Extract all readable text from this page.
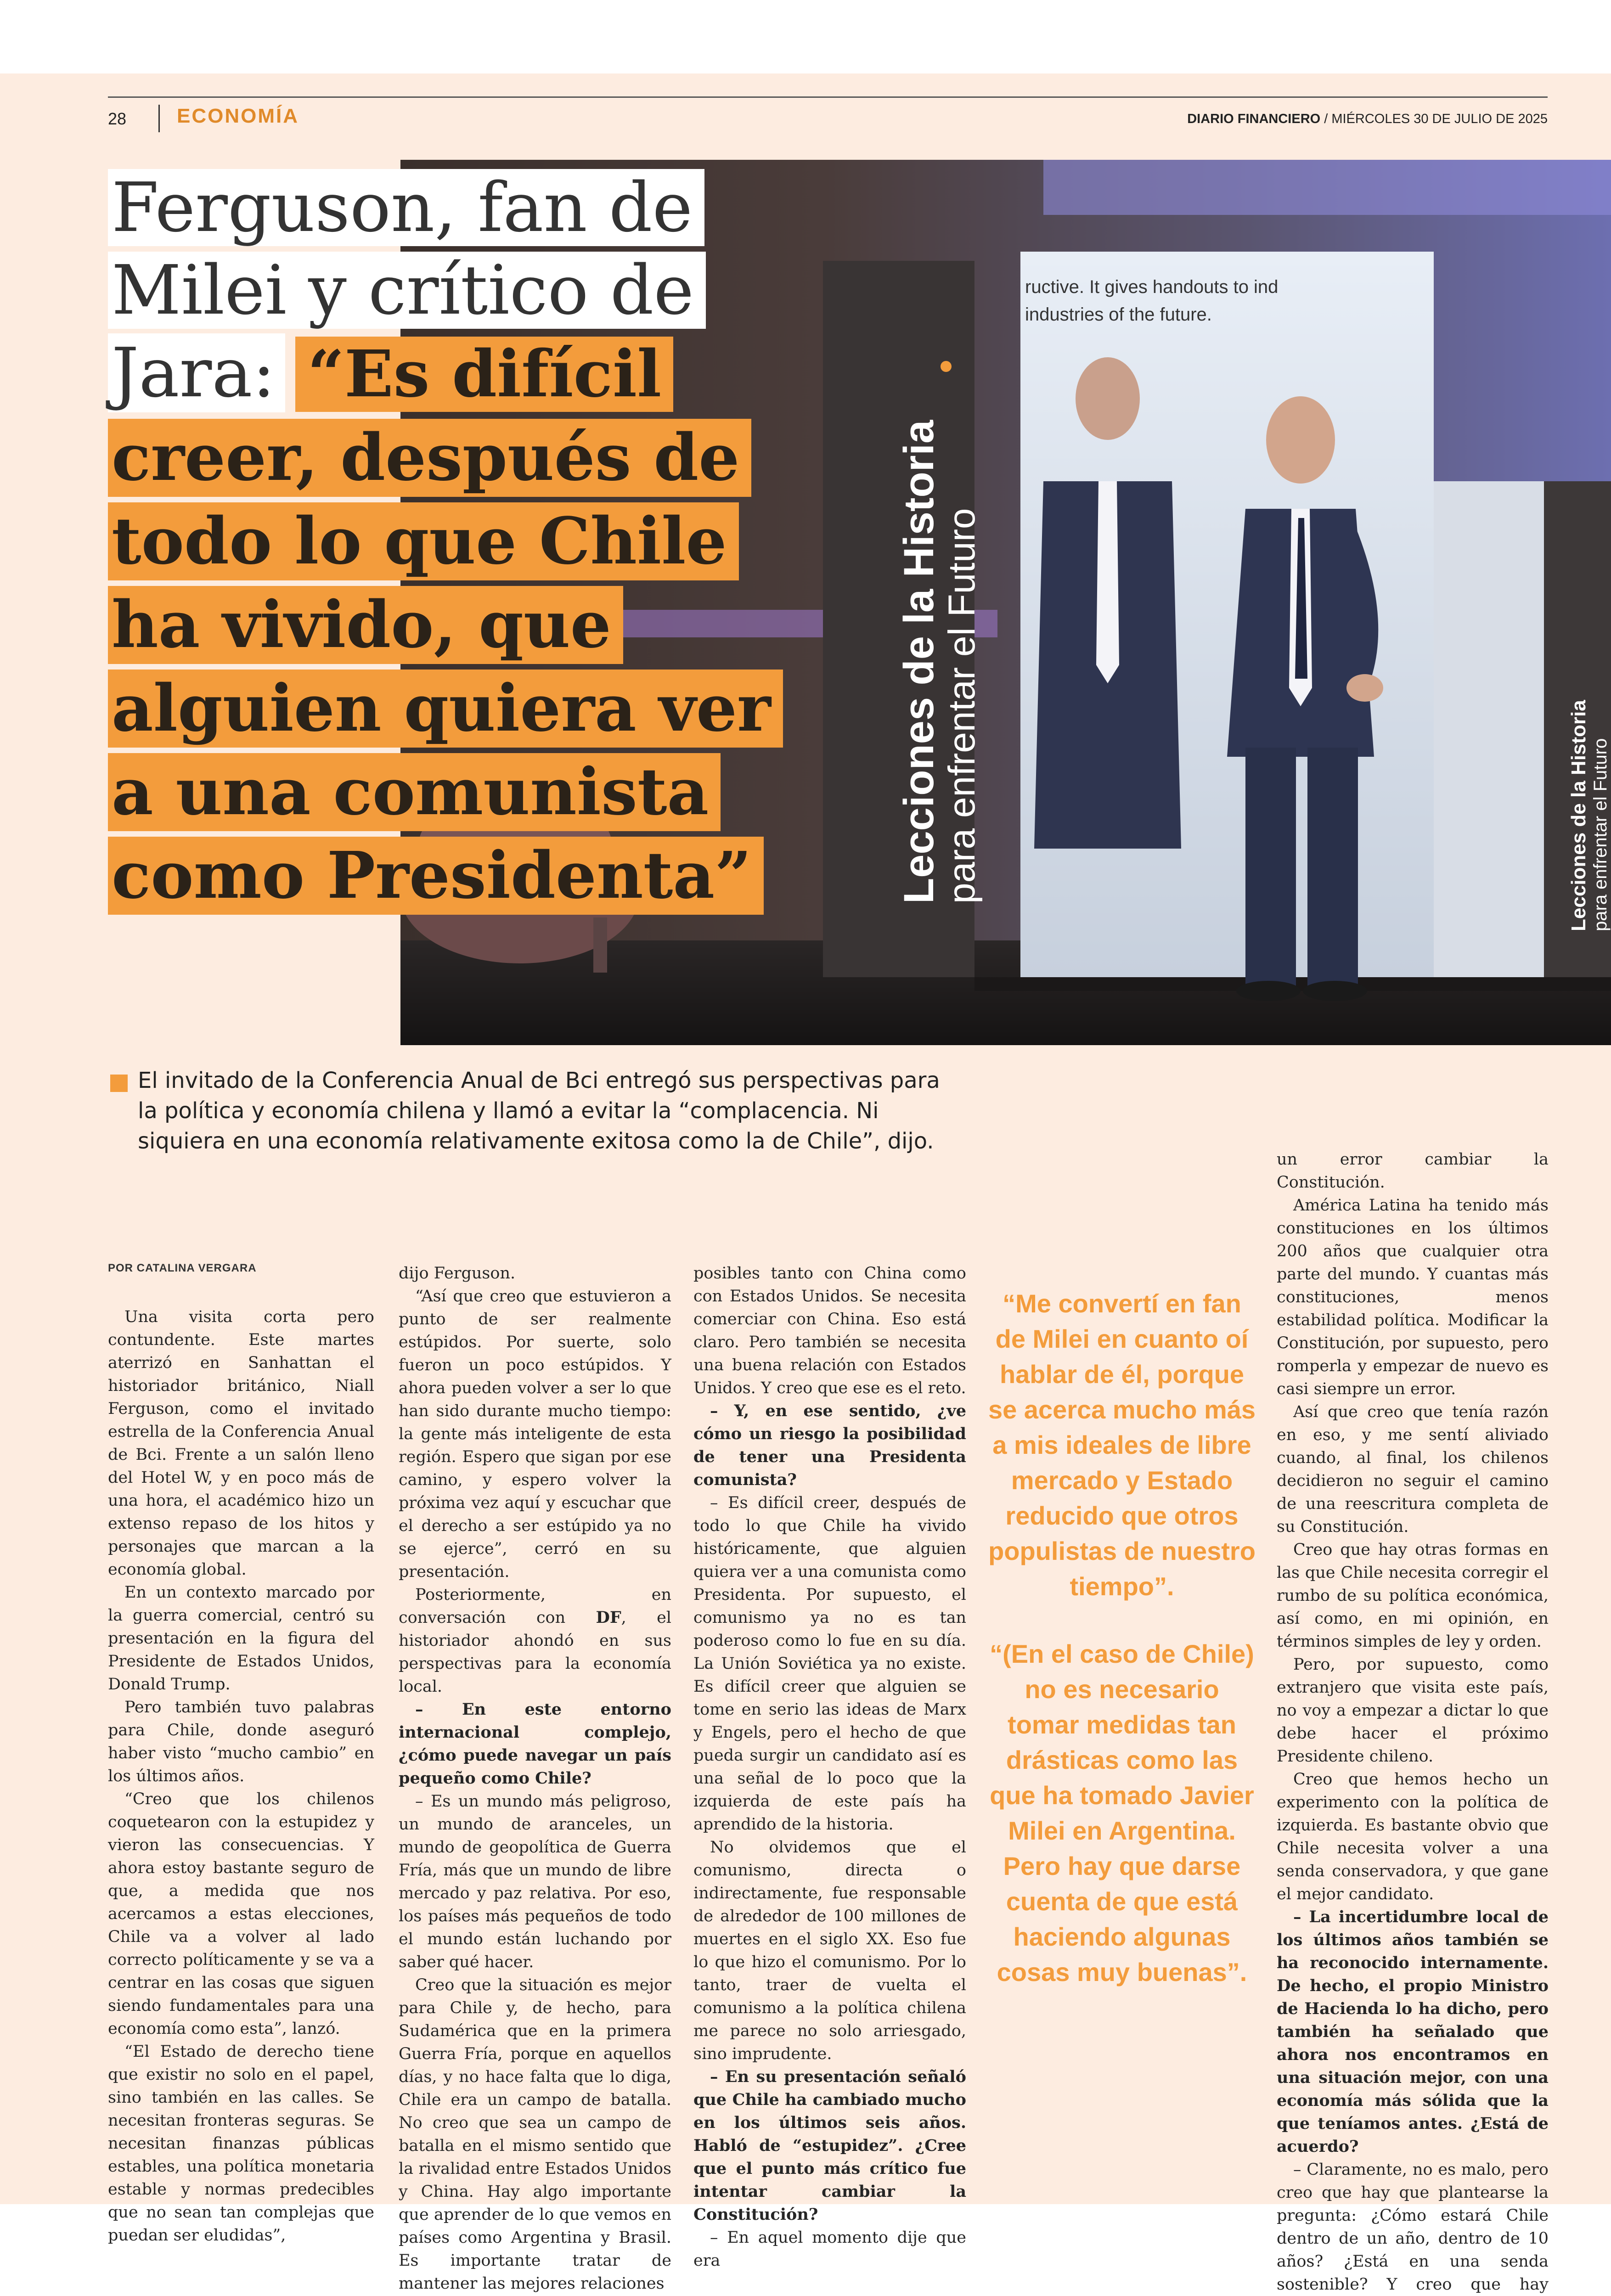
28 ECONOMÍA	DIARIO FINANCIERO / MIÉRCOLES 30 DE JULIO DE 2025
Lecciones de la Historia
para enfrentar el Futuro
ructive. It gives handouts to ind
industries of the future.
Lecciones de la Historia para enfrentar el Futuro
Ferguson, fan de
Milei y crítico de
Jara: “Es difícil
creer, después de
todo lo que Chile
ha vivido, que
alguien quiera ver
a una comunista
como Presidenta”
El invitado de la Conferencia Anual de Bci entregó sus perspectivas para la política y economía chilena y llamó a evitar la “complacencia. Ni siquiera en una economía relativamente exitosa como la de Chile”, dijo.
POR CATALINA VERGARA

Una visita corta pero contundente. Este martes aterrizó en Sanhattan el historiador británico, Niall Ferguson, como el invitado estrella de la Conferencia Anual de Bci. Frente a un salón lleno del Hotel W, y en poco más de una hora, el académico hizo un extenso repaso de los hitos y personajes que marcan a la economía global.

En un contexto marcado por la guerra comercial, centró su presentación en la figura del Presidente de Estados Unidos, Donald Trump.

Pero también tuvo palabras para Chile, donde aseguró haber visto “mucho cambio” en los últimos años.

“Creo que los chilenos coquetearon con la estupidez y vieron las consecuencias. Y ahora estoy bastante seguro de que, a medida que nos acercamos a estas elecciones, Chile va a volver al lado correcto políticamente y se va a centrar en las cosas que siguen siendo fundamentales para una economía como esta”, lanzó.

“El Estado de derecho tiene que existir no solo en el papel, sino también en las calles. Se necesitan fronteras seguras. Se necesitan finanzas públicas estables, una política monetaria estable y normas predecibles que no sean tan complejas que puedan ser eludidas”,

dijo Ferguson.

“Así que creo que estuvieron a punto de ser realmente estúpidos. Por suerte, solo fueron un poco estúpidos. Y ahora pueden volver a ser lo que han sido durante mucho tiempo: la gente más inteligente de esta región. Espero que sigan por ese camino, y espero volver la próxima vez aquí y escuchar que el derecho a ser estúpido ya no se ejerce”, cerró en su presentación.

Posteriormente, en conversación con DF, el historiador ahondó en sus perspectivas para la economía local.

– En este entorno internacional complejo, ¿cómo puede navegar un país pequeño como Chile?

– Es un mundo más peligroso, un mundo de aranceles, un mundo de geopolítica de Guerra Fría, más que un mundo de libre mercado y paz relativa. Por eso, los países más pequeños de todo el mundo están luchando por saber qué hacer.

Creo que la situación es mejor para Chile y, de hecho, para Sudamérica que en la primera Guerra Fría, porque en aquellos días, y no hace falta que lo diga, Chile era un campo de batalla. No creo que sea un campo de batalla en el mismo sentido que la rivalidad entre Estados Unidos y China. Hay algo importante que aprender de lo que vemos en países como Argentina y Brasil. Es importante tratar de mantener las mejores relaciones

posibles tanto con China como con Estados Unidos. Se necesita comerciar con China. Eso está claro. Pero también se necesita una buena relación con Estados Unidos. Y creo que ese es el reto.

– Y, en ese sentido, ¿ve cómo un riesgo la posibilidad de tener una Presidenta comunista?

– Es difícil creer, después de todo lo que Chile ha vivido históricamente, que alguien quiera ver a una comunista como Presidenta. Por supuesto, el comunismo ya no es tan poderoso como lo fue en su día. La Unión Soviética ya no existe. Es difícil creer que alguien se tome en serio las ideas de Marx y Engels, pero el hecho de que pueda surgir un candidato así es una señal de lo poco que la izquierda de este país ha aprendido de la historia.

No olvidemos que el comunismo, directa o indirectamente, fue responsable de alrededor de 100 millones de muertes en el siglo XX. Eso fue lo que hizo el comunismo. Por lo tanto, traer de vuelta el comunismo a la política chilena me parece no solo arriesgado, sino imprudente.

– En su presentación señaló que Chile ha cambiado mucho en los últimos seis años. Habló de “estupidez”. ¿Cree que el punto más crítico fue intentar cambiar la Constitución?

– En aquel momento dije que era

“Me convertí en fan de Milei en cuanto oí hablar de él, porque se acerca mucho más a mis ideales de libre mercado y Estado reducido que otros populistas de nuestro tiempo”.

“(En el caso de Chile) no es necesario tomar medidas tan drásticas como las que ha tomado Javier Milei en Argentina. Pero hay que darse cuenta de que está haciendo algunas cosas muy buenas”.

un error cambiar la Constitución.

América Latina ha tenido más constituciones en los últimos 200 años que cualquier otra parte del mundo. Y cuantas más constituciones, menos estabilidad política. Modificar la Constitución, por supuesto, pero romperla y empezar de nuevo es casi siempre un error.

Así que creo que tenía razón en eso, y me sentí aliviado cuando, al final, los chilenos decidieron no seguir el camino de una reescritura completa de su Constitución.

Creo que hay otras formas en las que Chile necesita corregir el rumbo de su política económica, así como, en mi opinión, en términos simples de ley y orden.

Pero, por supuesto, como extranjero que visita este país, no voy a empezar a dictar lo que debe hacer el próximo Presidente chileno.

Creo que hemos hecho un experimento con la política de izquierda. Es bastante obvio que Chile necesita volver a una senda conservadora, y que gane el mejor candidato.

– La incertidumbre local de los últimos años también se ha reconocido internamente. De hecho, el propio Ministro de Hacienda lo ha dicho, pero también ha señalado que ahora nos encontramos en una situación mejor, con una economía más sólida que la que teníamos antes. ¿Está de acuerdo?

– Claramente, no es malo, pero creo que hay que plantearse la pregunta: ¿Cómo estará Chile dentro de un año, dentro de 10 años? ¿Está en una senda sostenible? Y creo que hay
